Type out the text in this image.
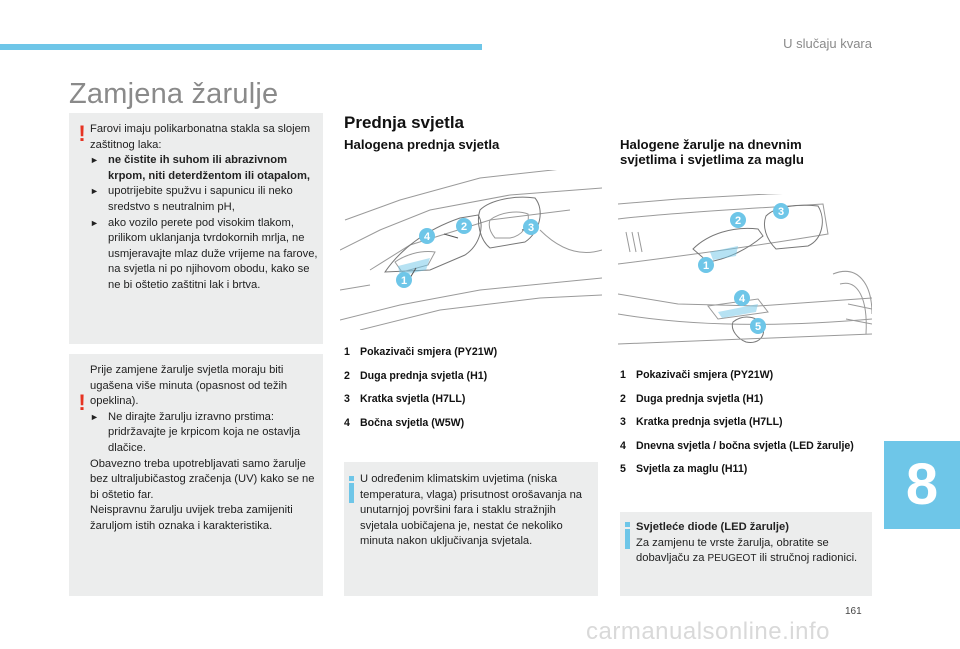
U slučaju kvara
Zamjena žarulje
! Farovi imaju polikarbonatna stakla sa slojem zaštitnog laka:

► ne čistite ih suhom ili abrazivnom krpom, niti deterdžentom ili otapalom,
► upotrijebite spužvu i sapunicu ili neko sredstvo s neutralnim pH,
► ako vozilo perete pod visokim tlakom, prilikom uklanjanja tvrdokornih mrlja, ne usmjeravajte mlaz duže vrijeme na farove, na svjetla ni po njihovom obodu, kako se ne bi oštetio zaštitni lak i brtva.
!

Prije zamjene žarulje svjetla moraju biti ugašena više minuta (opasnost od težih opeklina).

► Ne dirajte žarulju izravno prstima: pridržavajte je krpicom koja ne ostavlja dlačice.

Obavezno treba upotrebljavati samo žarulje bez ultraljubičastog zračenja (UV) kako se ne bi oštetio far.

Neispravnu žarulju uvijek treba zamijeniti žaruljom istih oznaka i karakteristika.

Prednja svjetla
Halogena prednja svjetla
1
2	3
4
1 Pokazivači smjera (PY21W)
2 Duga prednja svjetla (H1)
3 Kratka svjetla (H7LL)
4 Bočna svjetla (W5W)

U određenim klimatskim uvjetima (niska temperatura, vlaga) prisutnost orošavanja na unutarnjoj površini fara i staklu stražnjih svjetala uobičajena je, nestat će nekoliko minuta nakon uključivanja svjetala.

Halogene žarulje na dnevnim
svjetlima i svjetlima za maglu
1
2
3
4
5
1 Pokazivači smjera (PY21W)
2 Duga prednja svjetla (H1)
3 Kratka prednja svjetla (H7LL)
4 Dnevna svjetla / bočna svjetla (LED žarulje)
5 Svjetla za maglu (H11)

Svjetleće diode (LED žarulje)

Za zamjenu te vrste žarulja, obratite se dobavljaču za PEUGEOT ili stručnoj radionici.

8
161
carmanualsonline.info
